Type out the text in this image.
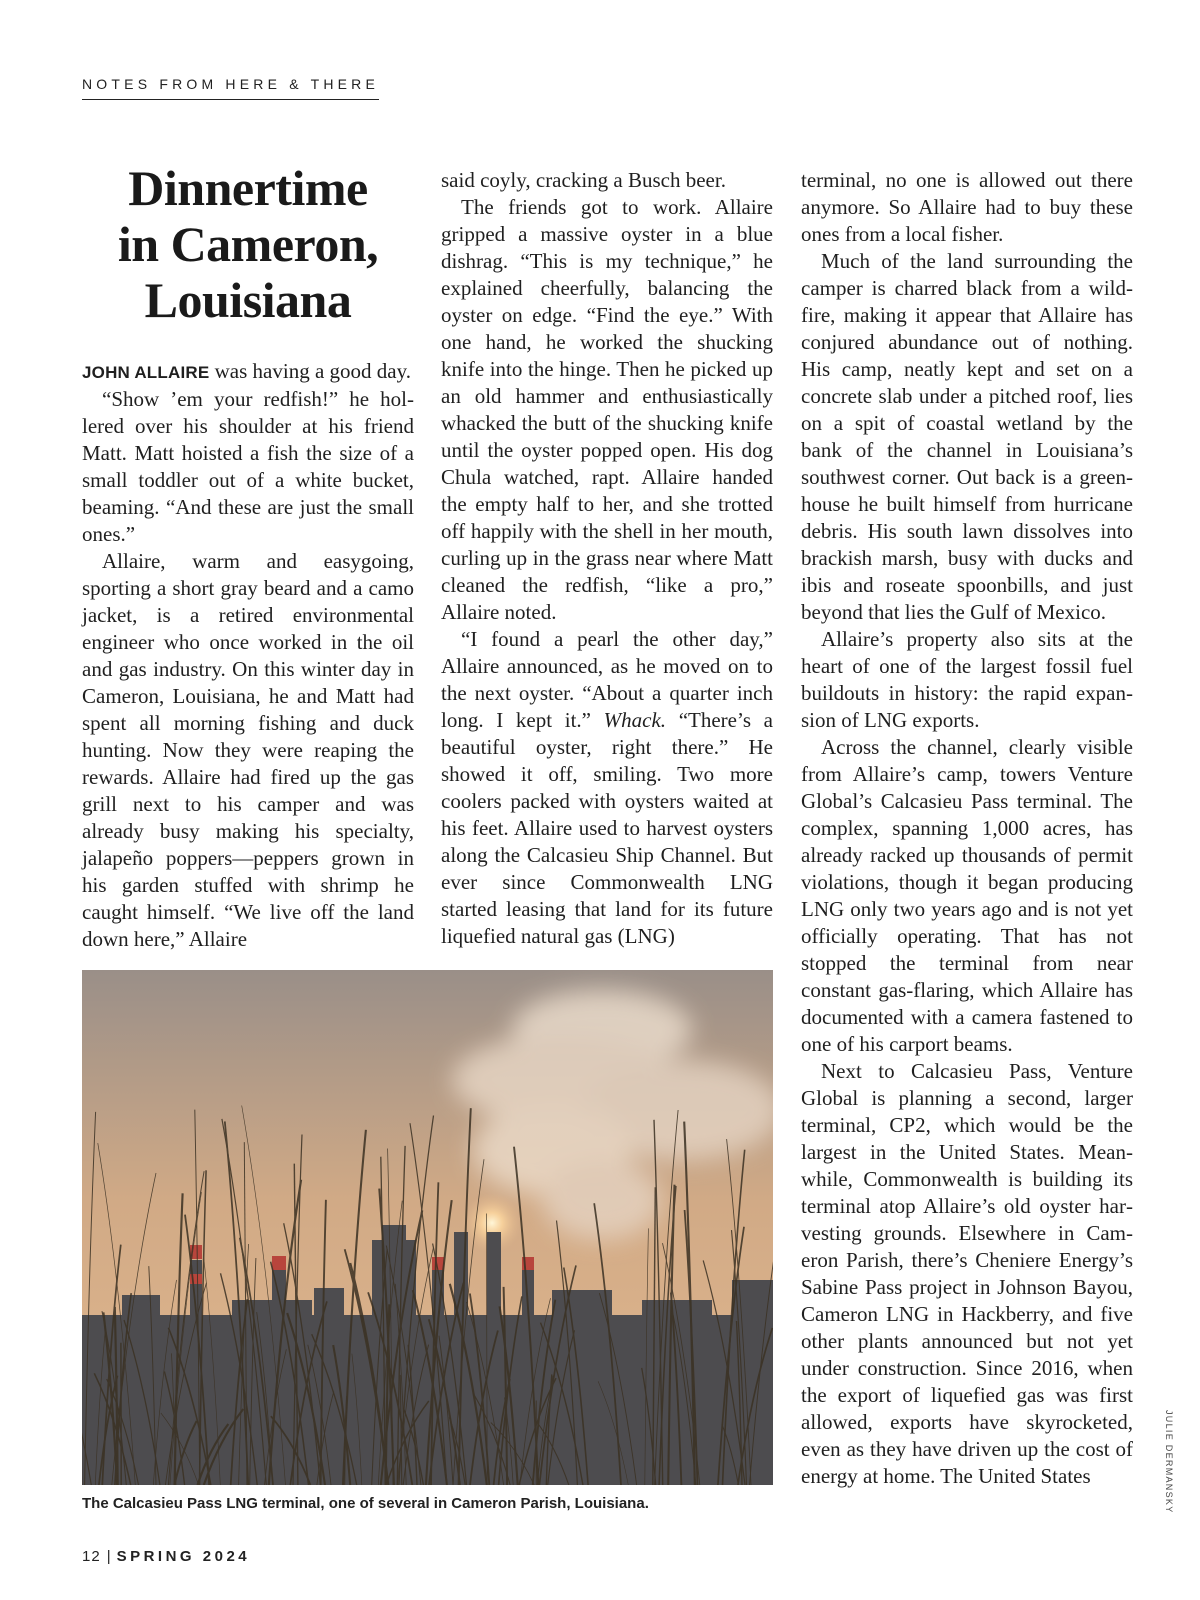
NOTES FROM HERE & THERE
Dinnertime
in Cameron,
Louisiana

JOHN ALLAIRE was having a good day.

“Show ’em your redfish!” he hollered over his shoulder at his friend Matt. Matt hoisted a fish the size of a small toddler out of a white bucket, beaming. “And these are just the small ones.”

Allaire, warm and easygoing, sporting a short gray beard and a camo jacket, is a retired environmental engineer who once worked in the oil and gas industry. On this winter day in Cameron, Louisiana, he and Matt had spent all morning fishing and duck hunting. Now they were reaping the rewards. Allaire had fired up the gas grill next to his camper and was already busy making his specialty, jalapeño poppers—peppers grown in his garden stuffed with shrimp he caught himself. “We live off the land down here,” Allaire

said coyly, cracking a Busch beer.

The friends got to work. Allaire gripped a massive oyster in a blue dishrag. “This is my technique,” he explained cheerfully, balancing the oyster on edge. “Find the eye.” With one hand, he worked the shucking knife into the hinge. Then he picked up an old hammer and enthusiastically whacked the butt of the shucking knife until the oyster popped open. His dog Chula watched, rapt. Allaire handed the empty half to her, and she trotted off happily with the shell in her mouth, curling up in the grass near where Matt cleaned the redfish, “like a pro,” Allaire noted.

“I found a pearl the other day,” Allaire announced, as he moved on to the next oyster. “About a quarter inch long. I kept it.” Whack. “There’s a beautiful oyster, right there.” He showed it off, smiling. Two more coolers packed with oysters waited at his feet. Allaire used to harvest oysters along the Calcasieu Ship Channel. But ever since Commonwealth LNG started leasing that land for its future liquefied natural gas (LNG)

terminal, no one is allowed out there anymore. So Allaire had to buy these ones from a local fisher.

Much of the land surrounding the camper is charred black from a wildfire, making it appear that Allaire has conjured abundance out of nothing. His camp, neatly kept and set on a concrete slab under a pitched roof, lies on a spit of coastal wetland by the bank of the channel in Louisiana’s southwest corner. Out back is a greenhouse he built himself from hurricane debris. His south lawn dissolves into brackish marsh, busy with ducks and ibis and roseate spoonbills, and just beyond that lies the Gulf of Mexico.

Allaire’s property also sits at the heart of one of the largest fossil fuel buildouts in history: the rapid expansion of LNG exports.

Across the channel, clearly visible from Allaire’s camp, towers Venture Global’s Calcasieu Pass terminal. The complex, spanning 1,000 acres, has already racked up thousands of permit violations, though it began producing LNG only two years ago and is not yet officially operating. That has not stopped the terminal from near constant gas-flaring, which Allaire has documented with a camera fastened to one of his carport beams.

Next to Calcasieu Pass, Venture Global is planning a second, larger terminal, CP2, which would be the largest in the United States. Meanwhile, Commonwealth is building its terminal atop Allaire’s old oyster harvesting grounds. Elsewhere in Cameron Parish, there’s Cheniere Energy’s Sabine Pass project in Johnson Bayou, Cameron LNG in Hackberry, and five other plants announced but not yet under construction. Since 2016, when the export of liquefied gas was first allowed, exports have skyrocketed, even as they have driven up the cost of energy at home. The United States

The Calcasieu Pass LNG terminal, one of several in Cameron Parish, Louisiana.	JULIE DERMANSKY
12 | SPRING 2024
